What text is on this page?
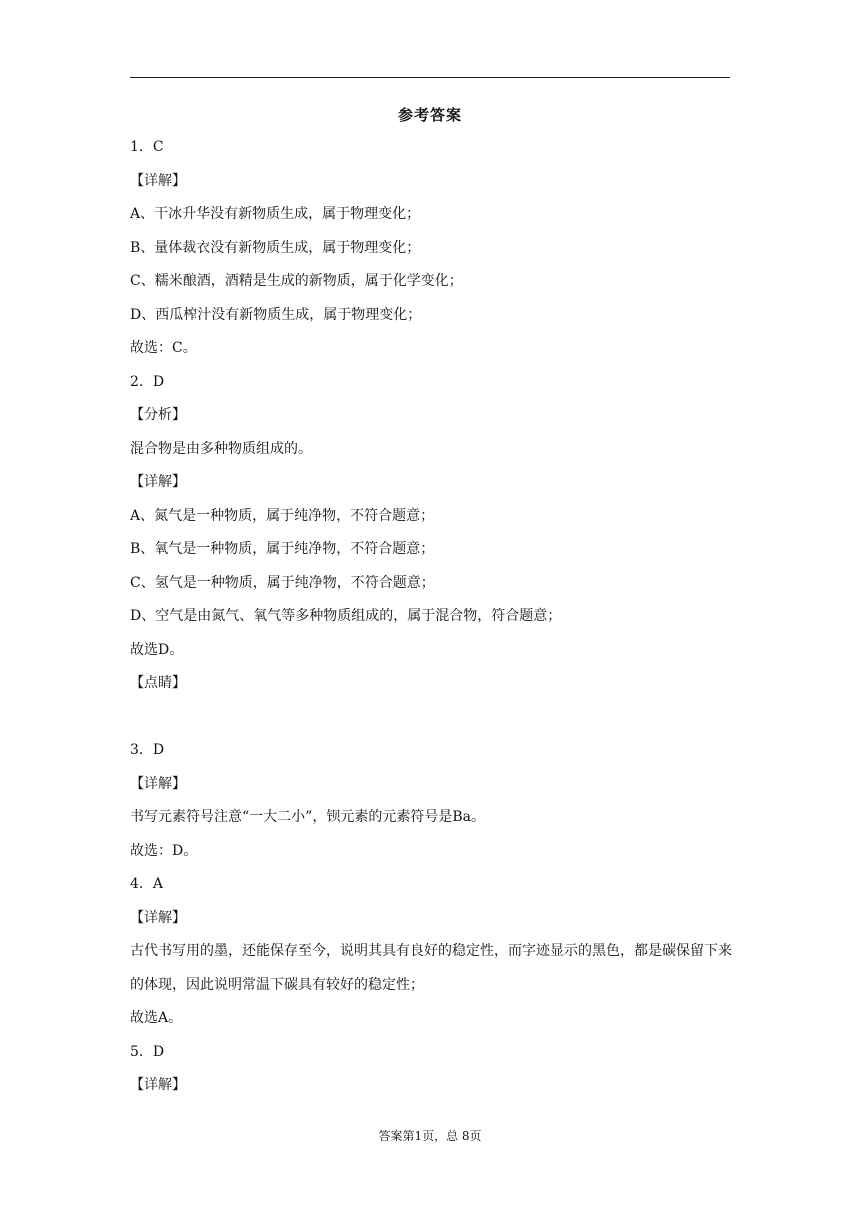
参考答案
1．C
【详解】
A、干冰升华没有新物质生成，属于物理变化；
B、量体裁衣没有新物质生成，属于物理变化；
C、糯米酿酒，酒精是生成的新物质，属于化学变化；
D、西瓜榨汁没有新物质生成，属于物理变化；
故选：C。
2．D
【分析】
混合物是由多种物质组成的。
【详解】
A、氮气是一种物质，属于纯净物，不符合题意；
B、氧气是一种物质，属于纯净物，不符合题意；
C、氢气是一种物质，属于纯净物，不符合题意；
D、空气是由氮气、氧气等多种物质组成的，属于混合物，符合题意；
故选D。
【点睛】
3．D
【详解】
书写元素符号注意“一大二小”，钡元素的元素符号是Ba。
故选：D。
4．A
【详解】
古代书写用的墨，还能保存至今，说明其具有良好的稳定性，而字迹显示的黑色，都是碳保留下来的体现，因此说明常温下碳具有较好的稳定性；
故选A。
5．D
【详解】
答案第1页，总 8页
